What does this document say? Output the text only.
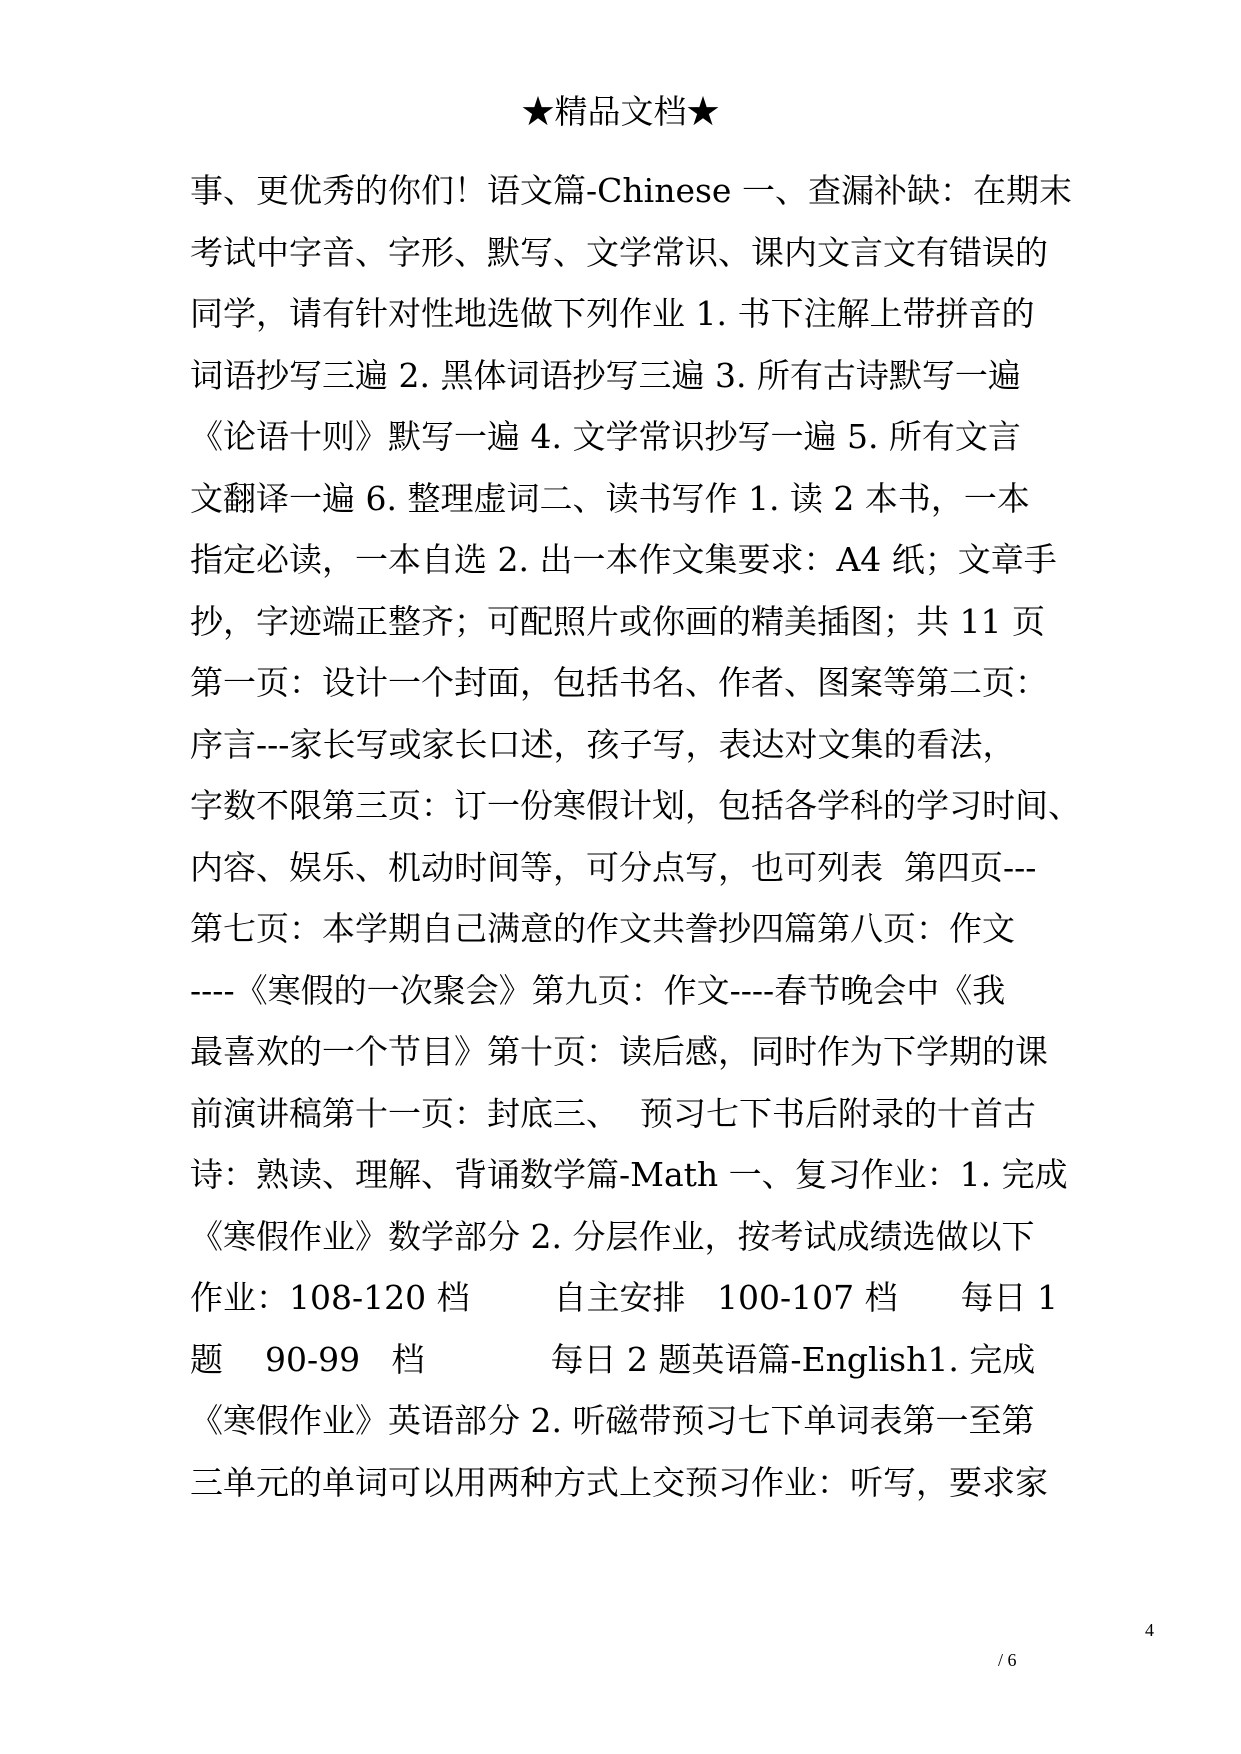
★精品文档★
事、更优秀的你们！语文篇-Chinese 一、查漏补缺：在期末
考试中字音、字形、默写、文学常识、课内文言文有错误的
同学，请有针对性地选做下列作业 1. 书下注解上带拼音的
词语抄写三遍 2. 黑体词语抄写三遍 3. 所有古诗默写一遍
《论语十则》默写一遍 4. 文学常识抄写一遍 5. 所有文言
文翻译一遍 6. 整理虚词二、读书写作 1. 读 2 本书，一本
指定必读，一本自选 2. 出一本作文集要求：A4 纸；文章手
抄，字迹端正整齐；可配照片或你画的精美插图；共 11 页
第一页：设计一个封面，包括书名、作者、图案等第二页：
序言---家长写或家长口述，孩子写，表达对文集的看法，
字数不限第三页：订一份寒假计划，包括各学科的学习时间、
内容、娱乐、机动时间等，可分点写，也可列表  第四页---
第七页：本学期自己满意的作文共誊抄四篇第八页：作文
----《寒假的一次聚会》第九页：作文----春节晚会中《我
最喜欢的一个节目》第十页：读后感，同时作为下学期的课
前演讲稿第十一页：封底三、  预习七下书后附录的十首古
诗：熟读、理解、背诵数学篇-Math 一、复习作业：1. 完成
《寒假作业》数学部分 2. 分层作业，按考试成绩选做以下
作业：108-120 档        自主安排   100-107 档      每日 1
题    90-99   档            每日 2 题英语篇-English1. 完成
《寒假作业》英语部分 2. 听磁带预习七下单词表第一至第
三单元的单词可以用两种方式上交预习作业：听写，要求家
4
/ 6
